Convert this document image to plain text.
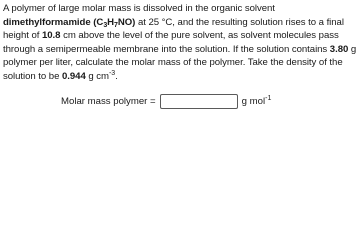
A polymer of large molar mass is dissolved in the organic solvent
dimethylformamide $(C_3H_7NO)$ at 25 °C, and the resulting solution rises to a final
height of 10.8 cm above the level of the pure solvent, as solvent molecules pass
through a semipermeable membrane into the solution. If the solution contains 3.80 g
polymer per liter, calculate the molar mass of the polymer. Take the density of the
solution to be 0.944 g $cm^{-3}$.
Molar mass polymer =	g mol$^{-1}$
